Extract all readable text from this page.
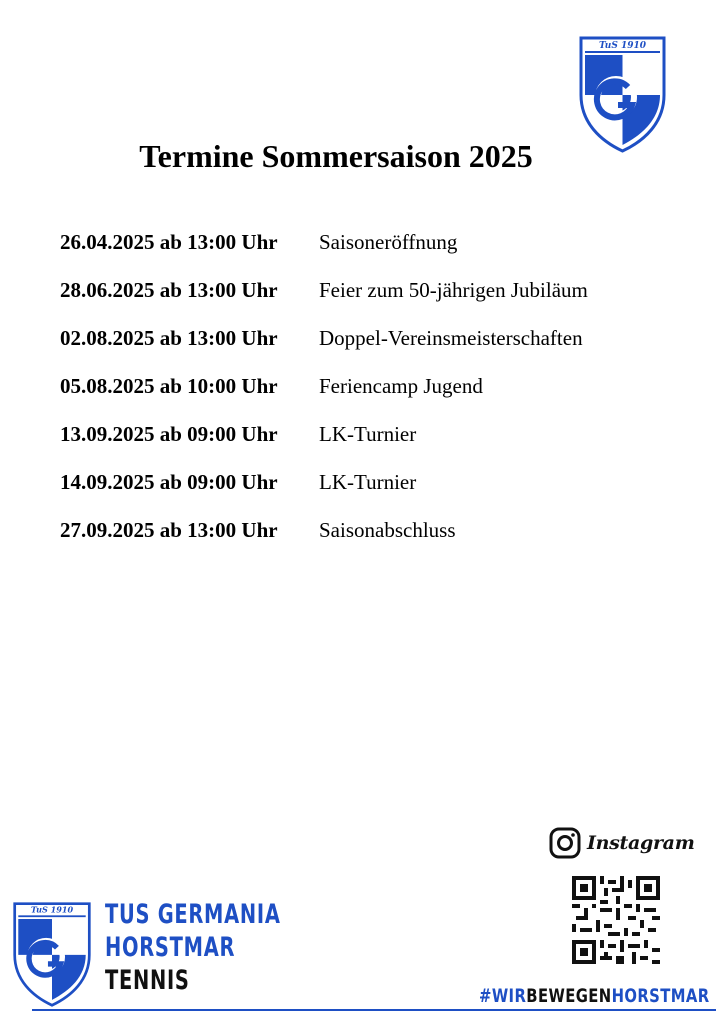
TuS 1910
Termine Sommersaison 2025
26.04.2025 ab 13:00 Uhr Saisoneröffnung
28.06.2025 ab 13:00 Uhr Feier zum 50-jährigen Jubiläum
02.08.2025 ab 13:00 Uhr Doppel-Vereinsmeisterschaften
05.08.2025 ab 10:00 Uhr Feriencamp Jugend
13.09.2025 ab 09:00 Uhr LK-Turnier
14.09.2025 ab 09:00 Uhr LK-Turnier
27.09.2025 ab 13:00 Uhr Saisonabschluss
Instagram
TuS 1910 TUS GERMANIA
HORSTMAR
TENNIS	#WIRBEWEGENHORSTMAR
